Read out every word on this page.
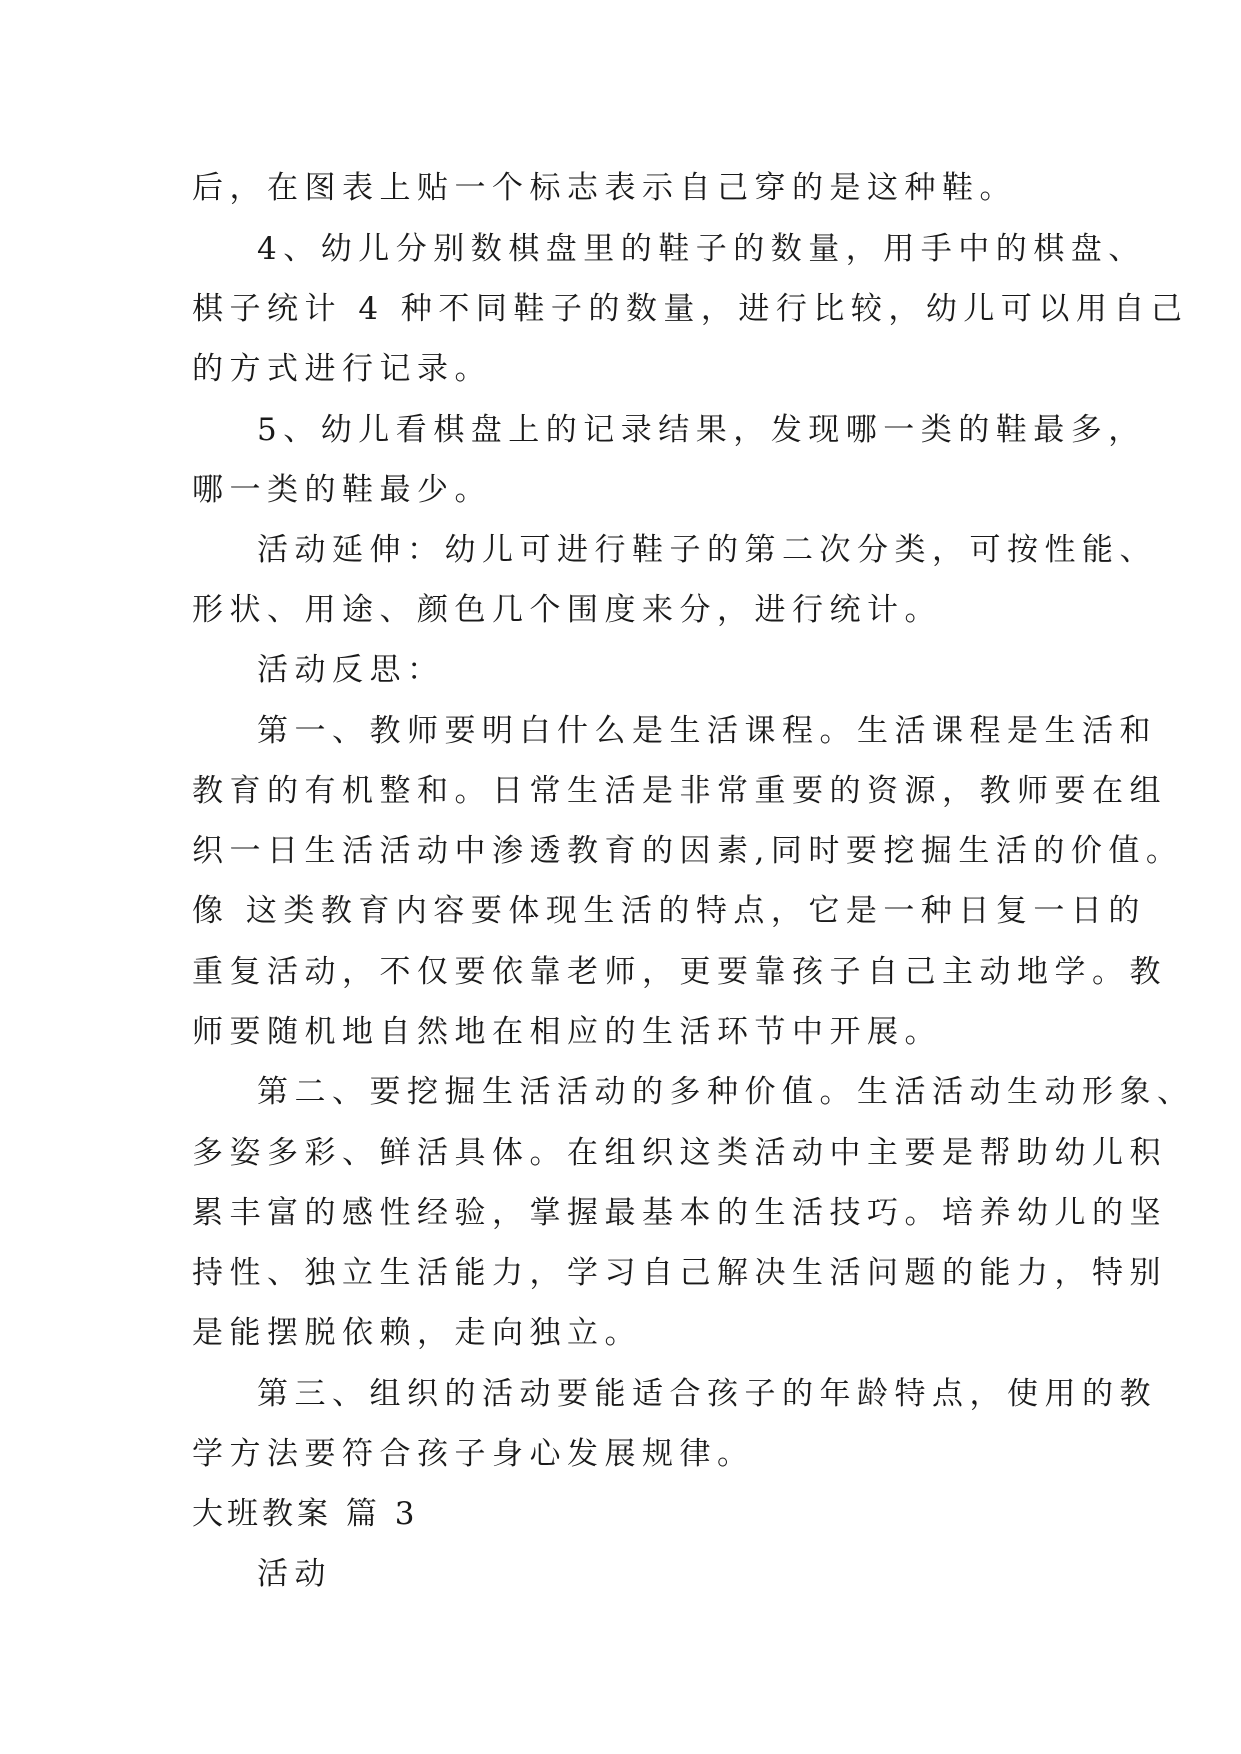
后，在图表上贴一个标志表示自己穿的是这种鞋。
4、幼儿分别数棋盘里的鞋子的数量，用手中的棋盘、
棋子统计 4 种不同鞋子的数量，进行比较，幼儿可以用自己
的方式进行记录。
5、幼儿看棋盘上的记录结果，发现哪一类的鞋最多，
哪一类的鞋最少。
活动延伸：幼儿可进行鞋子的第二次分类，可按性能、
形状、用途、颜色几个围度来分，进行统计。
活动反思：
第一、教师要明白什么是生活课程。生活课程是生活和
教育的有机整和。日常生活是非常重要的资源，教师要在组
织一日生活活动中渗透教育的因素,同时要挖掘生活的价值。
像 这类教育内容要体现生活的特点，它是一种日复一日的
重复活动，不仅要依靠老师，更要靠孩子自己主动地学。教
师要随机地自然地在相应的生活环节中开展。
第二、要挖掘生活活动的多种价值。生活活动生动形象、
多姿多彩、鲜活具体。在组织这类活动中主要是帮助幼儿积
累丰富的感性经验，掌握最基本的生活技巧。培养幼儿的坚
持性、独立生活能力，学习自己解决生活问题的能力，特别
是能摆脱依赖，走向独立。
第三、组织的活动要能适合孩子的年龄特点，使用的教
学方法要符合孩子身心发展规律。
大班教案 篇 3
活动
